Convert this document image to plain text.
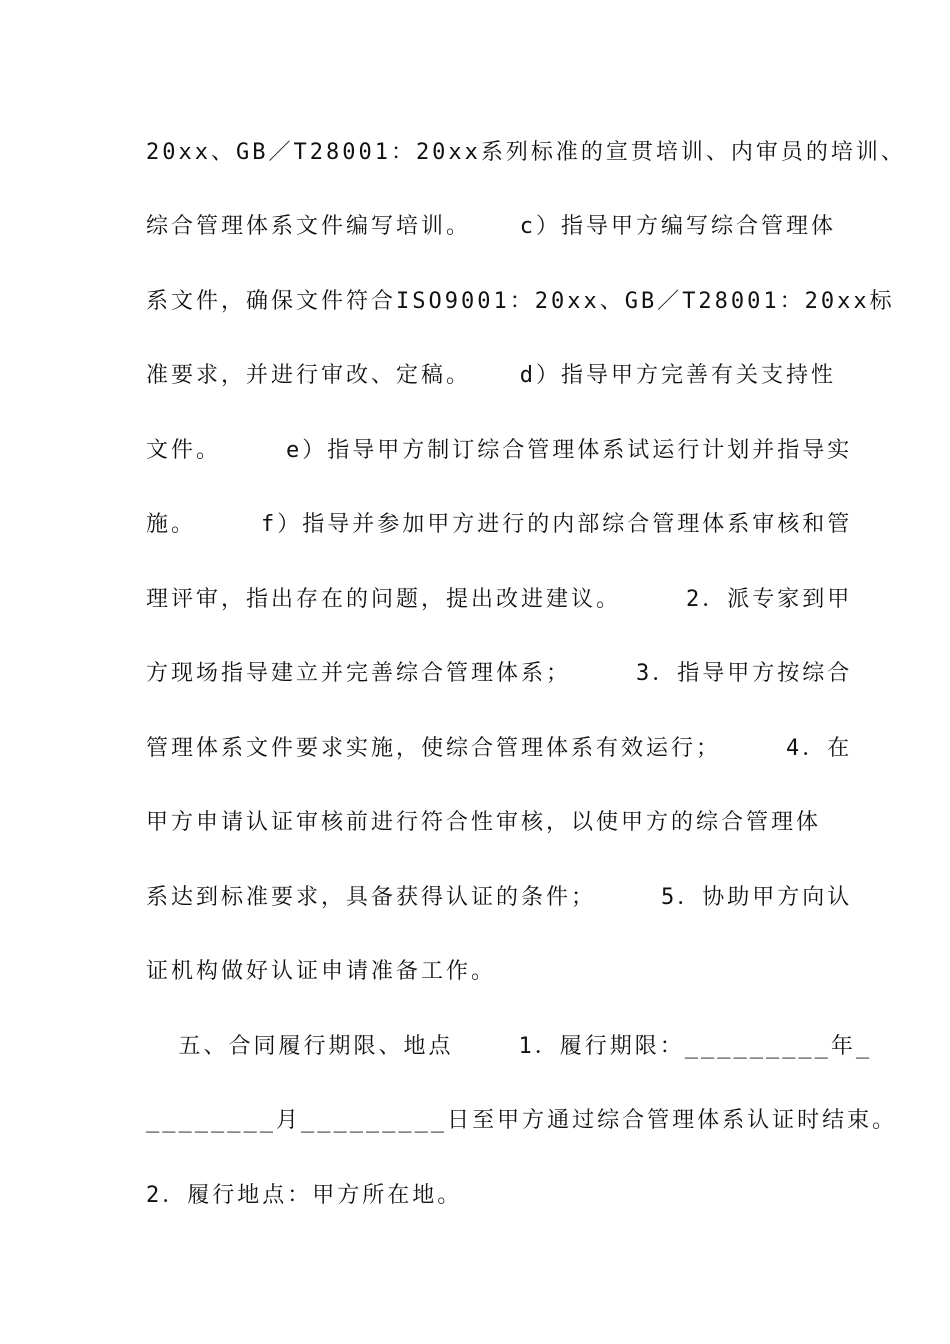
20xx、GB／T28001：20xx系列标准的宣贯培训、内审员的培训、
综合管理体系文件编写培训。   c）指导甲方编写综合管理体
系文件，确保文件符合ISO9001：20xx、GB／T28001：20xx标
准要求，并进行审改、定稿。   d）指导甲方完善有关支持性
文件。    e）指导甲方制订综合管理体系试运行计划并指导实
施。    f）指导并参加甲方进行的内部综合管理体系审核和管
理评审，指出存在的问题，提出改进建议。    2．派专家到甲
方现场指导建立并完善综合管理体系；    3．指导甲方按综合
管理体系文件要求实施，使综合管理体系有效运行；    4．在
甲方申请认证审核前进行符合性审核，以使甲方的综合管理体
系达到标准要求，具备获得认证的条件；    5．协助甲方向认
证机构做好认证申请准备工作。
五、合同履行期限、地点    1．履行期限：_________年_
________月_________日至甲方通过综合管理体系认证时结束。
2．履行地点：甲方所在地。
